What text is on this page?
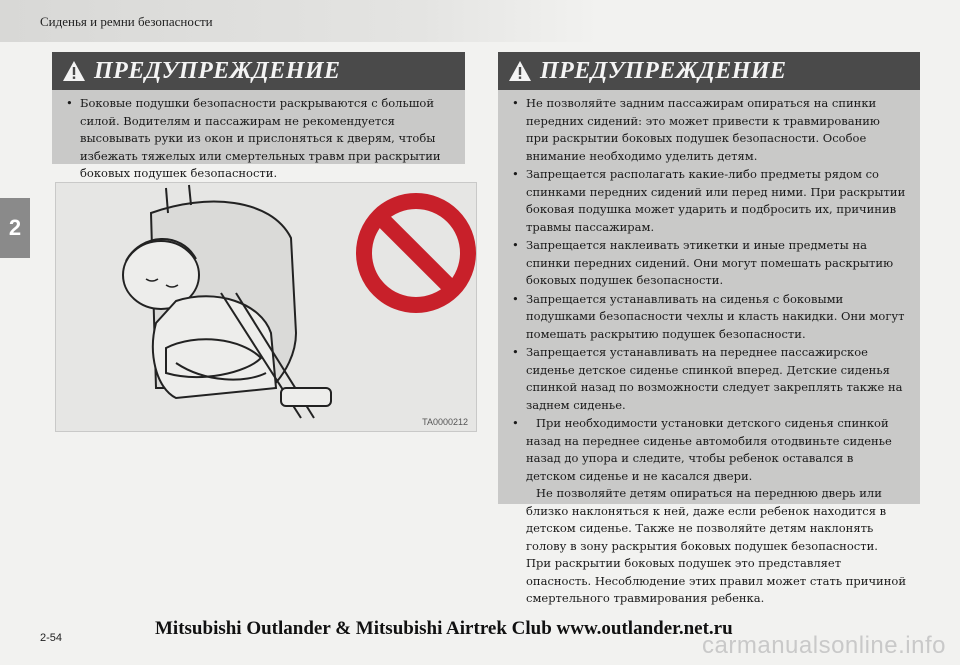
Сиденья и ремни безопасности
2
ПРЕДУПРЕЖДЕНИЕ
• Боковые подушки безопасности раскрываются с большой силой. Водителям и пассажирам не рекомендуется высовывать руки из окон и прислоняться к дверям, чтобы избежать тяжелых или смертельных травм при раскрытии боковых подушек безопасности.
TA0000212
ПРЕДУПРЕЖДЕНИЕ
• Не позволяйте задним пассажирам опираться на спинки передних сидений: это может привести к травмированию при раскрытии боковых подушек безопасности. Особое внимание необходимо уделить детям.
• Запрещается располагать какие-либо предметы рядом со спинками передних сидений или перед ними. При раскрытии боковая подушка может ударить и подбросить их, причинив травмы пассажирам.
• Запрещается наклеивать этикетки и иные предметы на спинки передних сидений. Они могут помешать раскрытию боковых подушек безопасности.
• Запрещается устанавливать на сиденья с боковыми подушками безопасности чехлы и класть накидки. Они могут помешать раскрытию подушек безопасности.
• Запрещается устанавливать на переднее пассажирское сиденье детское сиденье спинкой вперед. Детские сиденья спинкой назад по возможности следует закреплять также на заднем сиденье.

• При необходимости установки детского сиденья спинкой назад на переднее сиденье автомобиля отодвиньте сиденье назад до упора и следите, чтобы ребенок оставался в детском сиденье и не касался двери.

Не позволяйте детям опираться на переднюю дверь или близко наклоняться к ней, даже если ребенок находится в детском сиденье. Также не позволяйте детям наклонять голову в зону раскрытия боковых подушек безопасности. При раскрытии боковых подушек это представляет опасность. Несоблюдение этих правил может стать причиной смертельного травмирования ребенка.

2-54	Mitsubishi Outlander & Mitsubishi Airtrek Club www.outlander.net.ru
carmanualsonline.info
